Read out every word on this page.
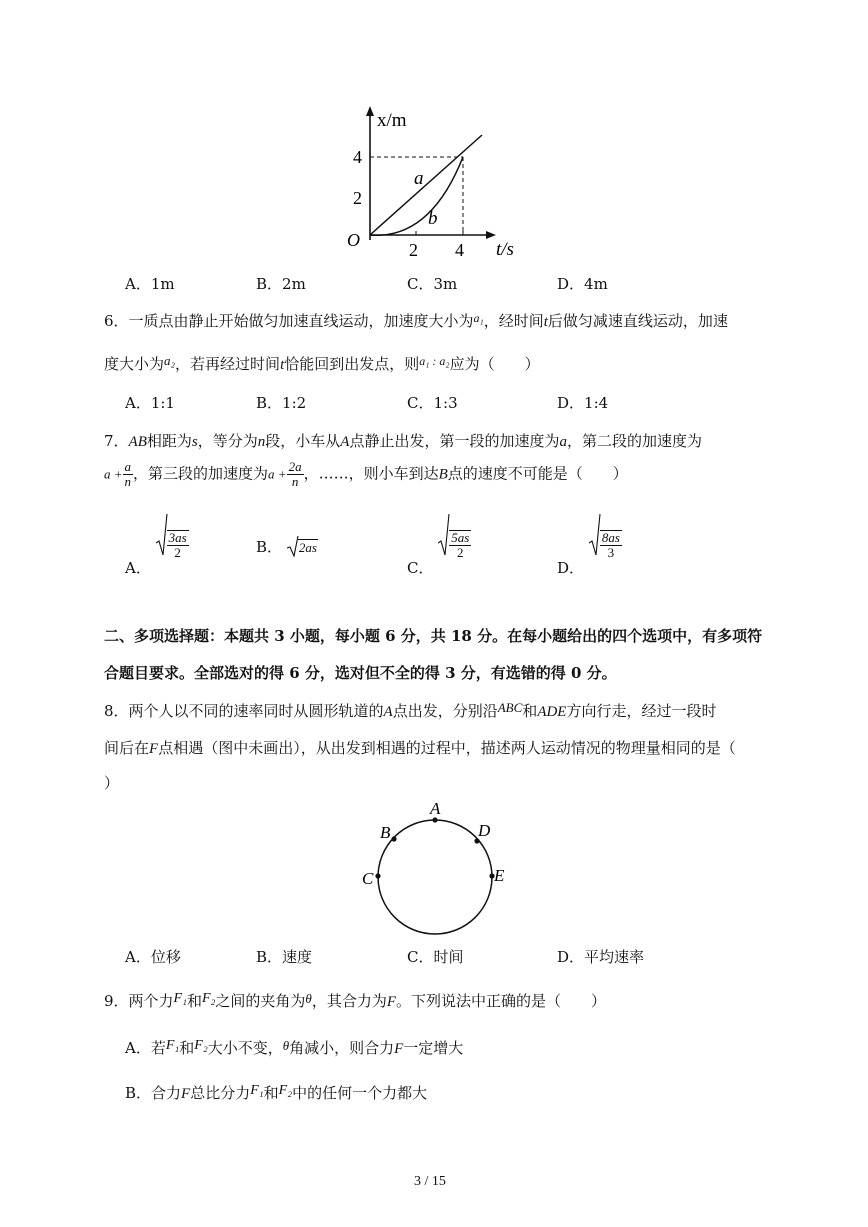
x/m
t/s
O
4
2
2 4
a
b
A．1m	B．2m	C．3m	D．4m
6．一质点由静止开始做匀加速直线运动，加速度大小为$^{a_1}$，经时间t后做匀减速直线运动，加速
度大小为a₂，若再经过时间t恰能回到出发点，则$^{a_1 : a_2}$应为（　　）
A．1:1	B．1:2	C．1:3	D．1:4
7．AB相距为s，等分为n段，小车从A点静止出发，第一段的加速度为a，第二段的加速度为
$a + \frac{a}{n}$ ，第三段的加速度为$a + \frac{2a}{n}$ ，……，则小车到达B点的速度不可能是（　　）
A．
$\frac{3as}{2}$	B． 2as
C．
$\frac{5as}{2}$
D．
$\frac{8as}{3}$
二、多项选择题：本题共 3 小题，每小题 6 分，共 18 分。在每小题给出的四个选项中，有多项符
合题目要求。全部选对的得 6 分，选对但不全的得 3 分，有选错的得 0 分。
8．两个人以不同的速率同时从圆形轨道的A点出发，分别沿ABC和ADE方向行走，经过一段时
间后在F点相遇（图中未画出），从出发到相遇的过程中，描述两人运动情况的物理量相同的是（
）
A
B
C
D
E
A．位移	B．速度	C．时间	D．平均速率
9．两个力F₁和F₂之间的夹角为θ，其合力为F。下列说法中正确的是（　　）
A．若F₁和F₂大小不变，θ角减小，则合力F一定增大
B．合力F总比分力F₁和F₂中的任何一个力都大
3 / 15
